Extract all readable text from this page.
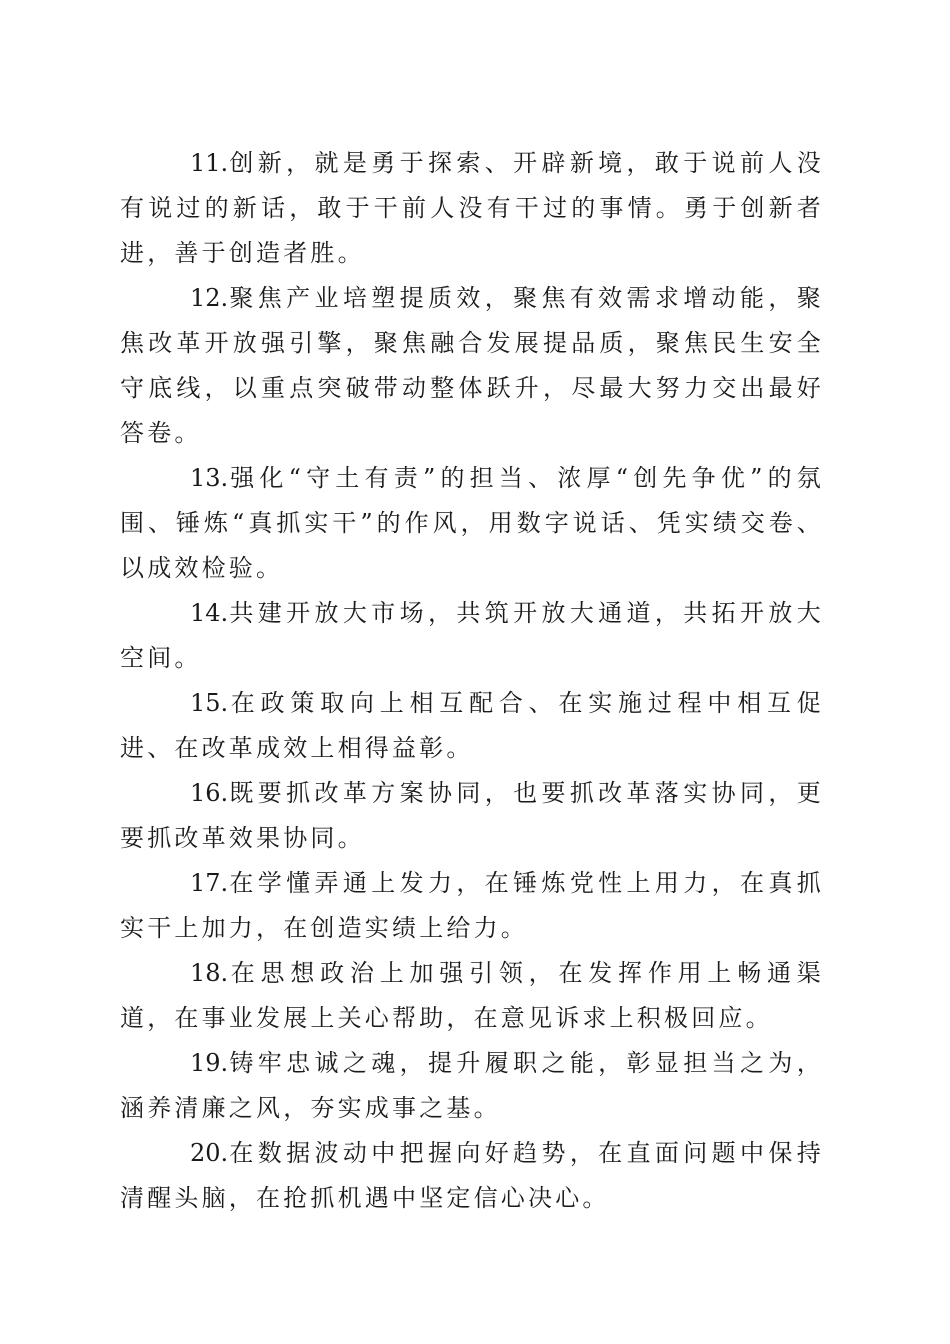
11.创新，就是勇于探索、开辟新境，敢于说前人没有说过的新话，敢于干前人没有干过的事情。勇于创新者进，善于创造者胜。

12.聚焦产业培塑提质效，聚焦有效需求增动能，聚焦改革开放强引擎，聚焦融合发展提品质，聚焦民生安全守底线，以重点突破带动整体跃升，尽最大努力交出最好答卷。

13.强化“守土有责”的担当、浓厚“创先争优”的氛围、锤炼“真抓实干”的作风，用数字说话、凭实绩交卷、以成效检验。

14.共建开放大市场，共筑开放大通道，共拓开放大空间。

15.在政策取向上相互配合、在实施过程中相互促进、在改革成效上相得益彰。

16.既要抓改革方案协同，也要抓改革落实协同，更要抓改革效果协同。

17.在学懂弄通上发力，在锤炼党性上用力，在真抓实干上加力，在创造实绩上给力。

18.在思想政治上加强引领，在发挥作用上畅通渠道，在事业发展上关心帮助，在意见诉求上积极回应。

19.铸牢忠诚之魂，提升履职之能，彰显担当之为，涵养清廉之风，夯实成事之基。

20.在数据波动中把握向好趋势，在直面问题中保持清醒头脑，在抢抓机遇中坚定信心决心。
